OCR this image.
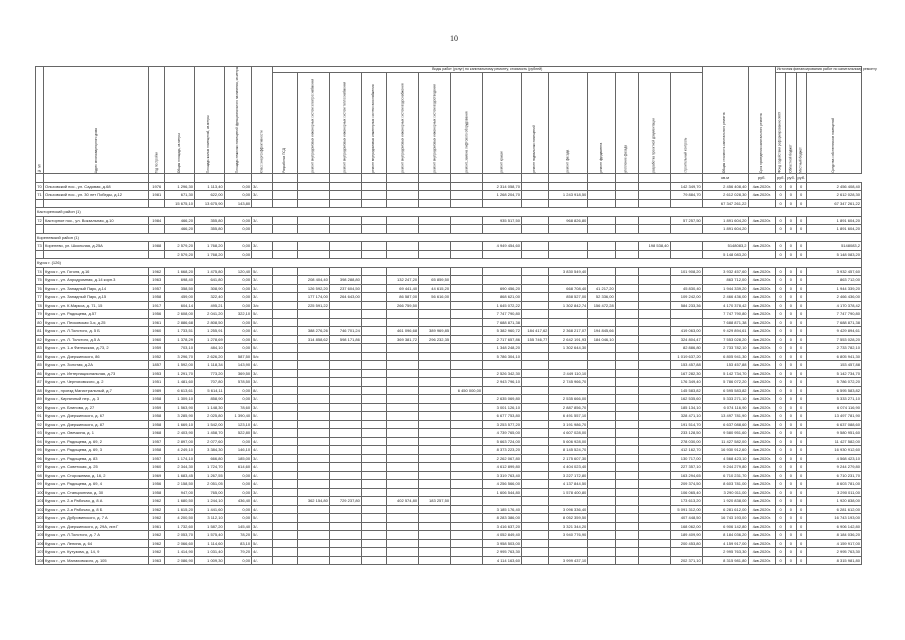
10
№ п/п	Адрес многоквартирного дома	Год постройки	Общая площадь, кв.метры	Площадь жилых помещений, кв.метры	Площадь нежилых помещений функционального назначения, кв.метры	Класс энергоэффективности	Виды работ (услуг) по капитальному ремонту, стоимость (рублей)														Общая стоимость капитального ремонта	Срок проведения капитального ремонта	Источник финансирования работ по капитальному ремонту			
							Разработка ПСД	ремонт внутридомовых инженерных систем электроснабжения	ремонт внутридомовых инженерных систем теплоснабжения	ремонт внутридомовых инженерных систем газоснабжения	ремонт внутридомовых инженерных систем водоснабжения	ремонт внутридомовых инженерных систем водоотведения	ремонт, замена лифтового оборудования	ремонт крыши	ремонт подвальных помещений	ремонт фасада	ремонт фундамента	утепление фасада	разработка проектной документации	строительный контроль			Фонд содействия реформированию ЖКХ	Областной бюджет	Местный бюджет	Средства собственников помещений
																					кв.м	руб.	руб.	руб.	руб.	
70	Ольховский пос., ул. Садовая, д.68	1976	1 296,30	1 113,40	0,00	3/-								2 314 058,70						142 349,70	2 456 408,40	4кв.2020г.	0	0	0	2 456 408,40
71	Ольховский пос., ул. 30 лет Победы, д.12	1981	671,30	622,00	0,00	3/-								1 268 204,70		1 243 918,50				79 884,70	2 612 028,30	4кв.2020г.	0	0	0	2 612 028,30
			15 675,10	13 675,90	143,80																67 347 261,22		0	0	0	67 347 261,22
Касторенский район (1)																										
72	Касторное пос., ул. Вокзальная, д.10	1984	466,20	355,80	0,00	3/-								935 517,50		968 826,80				57 257,50	1 891 604,20	4кв.2020г.	0	0	0	1 891 604,20
			466,20	355,80	0,00																1 891 604,20		0	0	0	1 891 604,20
Кореневский район (1)																										
73	Коренево, ул. Школьная, д.25А	1988	2 579,20	1 768,20	0,00	3/-								4 949 454,60					198 538,40		5148083,2	4кв.2020г.	0	0	0	5148083,2
			2 579,20	1 768,20	0,00																5 148 083,20		0	0	0	5 148 083,20
Курск г. (126)																										
74	Курск г., ул. Гоголя, д.16	1962	1 668,20	1 475,80	120,40	5/-										3 830 549,40				101 908,20	3 932 457,60	4кв.2020г.	0	0	0	3 932 457,60
75	Курск г., ул. Аэродромная, д.14 корп.3	1963	698,40	641,80	0,00	3/-		208 404,40	398 288,80		132 247,20	65 859,50									863 712,00	4кв.2020г.	0	0	0	863 712,00
76	Курск г., ул. Западный Парк, д.14	1957	358,50	308,90	0,00	3/-		126 592,20	237 604,50		69 441,40	44 615,20		690 456,20		668 708,40	41 217,20			45 830,40	1 944 339,20	4кв.2020г.	0	0	0	1 944 339,20
77	Курск г., ул. Западный Парк, д.15	1958	459,00	322,40	0,00	3/-		177 174,00	264 643,00		86 587,00	56 616,00		868 621,00		858 527,00	52 336,00			109 242,00	2 466 436,00	4кв.2020г.	0	0	0	2 466 436,00
78	Курск г., ул. К.Маркса, д. 71, 15	1917	604,14	495,21	0,00	3/с		225 591,22			266 759,50			1 645 072,22		1 302 842,74	156 472,28			584 233,36	4 170 378,42	4кв.2020г.	0	0	0	4 170 378,42
79	Курск г., ул. Радищева, д.57	1956	2 608,00	2 041,20	322,10	5/-								7 747 790,80							7 747 790,80	4кв.2020г.	0	0	0	7 747 790,80
80	Курск г., ул. Песковская 3-я, д.25	1961	2 886,68	2 808,50	0,00	5/-								7 688 871,38							7 688 871,38	4кв.2020г.	0	0	0	7 688 871,38
81	Курск г., ул. Л.Толстого, д. 5 Б	1960	1 733,51	1 255,91	0,00	4/-		388 276,26	746 701,24		461 096,68	389 969,85		5 382 960,72	184 417,62	2 368 217,07	194 845,66			419 063,00	9 429 894,61	4кв.2020г.	0	0	0	9 429 894,61
82	Курск г., ул. Л. Толстого, д.5 А	1960	1 378,29	1 278,69	0,00	5/-		314 858,62	598 171,86		369 381,72	296 232,35		2 717 657,86	155 746,77	2 642 191,93	184 046,10			324 804,47	7 553 028,20	4кв.2020г.	0	0	0	7 553 028,20
83	Курск г., ул. 1-я Фатежская, д.73, 2	1959	703,10	484,10	0,00	5/-								1 348 248,20		1 302 644,30				82 886,80	2 733 782,10	4кв.2020г.	0	0	0	2 733 782,10
84	Курск г., ул. Дзержинского, 86	1952	3 296,70	2 626,20	587,50	5/c								5 786 304,10						1 019 637,20	6 805 941,30	4кв.2020г.	0	0	0	6 805 941,30
85	Курск г., ул. Золотая, д.2А	1857	1 592,00	1 118,34	143,90	4/-														153 457,88	153 457,88	4кв.2020г.	0	0	0	153 457,88
86	Курск г., ул. Интернациональная, д.73	1953	1 291,70	773,20	369,50	3/-								2 526 342,30		2 449 110,10				167 282,30	5 142 734,70	4кв.2020г.	0	0	0	5 142 734,70
87	Курск г., ул. Черняховского, д. 2	1951	1 481,60	707,80	578,50	3/-								2 943 796,10		2 745 966,70				176 349,40	5 786 072,20	4кв.2020г.	0	0	0	5 786 072,20
88	Курск г., проезд Магистральный, д.7	1989	6 613,61	5 614,11	0,00	8/-							6 450 000,00							145 583,82	6 595 583,82	4кв.2020г.	0	0	0	6 595 583,82
89	Курск г., Кирпичный пер., д. 3	1958	1 309,10	858,90	0,00	3/-								2 635 069,80		2 535 666,00				162 535,60	5 333 271,10	4кв.2020г.	0	0	0	5 333 271,10
90	Курск г., ул. Блинова, д. 27	1959	1 563,90	1 148,30	78,60	3/-								3 001 126,10		2 887 856,70				185 134,10	6 074 116,90	4кв.2020г.	0	0	0	6 074 116,90
91	Курск г., ул. Дзержинского, д. 67	1958	3 285,90	2 025,80	1 390,40	5/-								6 677 753,80		6 491 557,10				328 471,10	13 497 781,90	4кв.2020г.	0	0	0	13 497 781,90
92	Курск г., ул. Дзержинского, д. 87	1958	1 669,10	1 542,00	123,10	4/-								3 253 577,20		3 191 986,70				191 514,70	6 637 088,60	4кв.2020г.	0	0	0	6 637 088,60
93	Курск г., ул. Овечкина, д. 1	1968	2 403,90	1 458,70	522,80	5/-								4 739 765,00		4 607 028,00				233 128,50	9 580 951,60	4кв.2020г.	0	0	0	9 580 951,60
94	Курск г., ул. Радищева, д. 69, 2	1957	2 897,00	2 077,60	0,00	4/-								5 663 724,00		5 606 928,00				278 030,00	11 427 582,00	4кв.2020г.	0	0	0	11 427 582,00
95	Курск г., ул. Радищева, д. 69, 3	1958	4 249,10	3 384,30	146,10	4/-								8 373 223,20		8 145 524,70				412 162,70	16 930 912,60	4кв.2020г.	0	0	0	16 930 912,60
96	Курск г., ул. Радищева, д. 83	1957	1 174,10	666,80	185,00	3/-								2 262 067,80		2 175 607,30				130 717,00	4 568 423,10	4кв.2020г.	0	0	0	4 568 423,10
97	Курск г., ул. Советская, д. 25	1960	2 344,30	1 724,70	614,60	4/-								4 612 899,80		4 404 023,40				227 357,10	9 244 279,80	4кв.2020г.	0	0	0	9 244 279,80
98	Курск г., ул. Сторожевая, д. 16, 2	1969	1 683,45	1 267,55	0,00	4/-								3 319 763,40		3 227 172,80				163 294,65	6 710 231,70	4кв.2020г.	0	0	0	6 710 231,70
99	Курск г., ул. Радищева, д. 69, 4	1956	2 158,50	2 051,05	0,00	4/-								4 256 566,00		4 137 844,50				209 374,50	8 603 781,00	4кв.2020г.	0	0	0	8 603 781,00
100	Курск г., ул. Станционная, д. 30	1958	947,00	765,00	0,00	3/-								1 606 544,80		1 578 400,80				106 065,40	3 290 011,00	4кв.2020г.	0	0	0	3 290 011,00
101	Курск г., ул. 2-я Рабочая, д. 8 А	1962	1 680,50	1 244,10	436,40	4/-		362 154,80	729 237,80		402 574,80	183 257,50								173 613,20	1 920 838,00	4кв.2020г.	0	0	0	1 920 838,00
102	Курск г., ул. 2-я Рабочая, д. 8 Б	1962	1 615,20	1 441,60	0,00	4/-								3 185 176,40		3 096 336,40				5 091 312,00	6 281 612,00	4кв.2020г.	0	0	0	6 281 612,00
103	Курск г., ул. Дубровинского, д. 7 А	1962	4 200,50	3 112,10	0,00	5/-								8 283 386,00		8 052 359,50				407 448,50	16 743 193,00	4кв.2020г.	0	0	0	16 743 193,00
104	Курск г., ул. Дзержинского, д. 29А, лит.Г	1961	1 732,60	1 587,20	145,40	3/-								3 416 637,20		3 321 344,20				168 062,00	6 906 142,80	4кв.2020г.	0	0	0	6 906 142,80
105	Курск г., ул. Л.Толстого, д. 7 А	1962	2 053,70	1 575,40	78,20	5/-								4 052 849,40		3 940 776,90				189 409,90	8 184 036,20	4кв.2020г.	0	0	0	8 184 036,20
106	Курск г., ул. Ленина, д. 64	1962	2 066,60	1 114,60	83,10	5/-								3 958 503,00						200 453,80	4 159 917,00	4кв.2020г.	0	0	0	4 159 917,00
107	Курск г., ул. Кутузова, д. 14, 9	1962	1 414,90	1 031,40	79,20	4/-								2 995 763,30							2 995 763,30	4кв.2020г.	0	0	0	2 995 763,30
108	Курск г., ул. Малаховского, д. 105	1963	2 086,90	1 009,30	0,00	4/-								4 114 163,60		3 999 437,10				202 371,10	8 315 981,80	4кв.2020г.	0	0	0	8 315 981,80
